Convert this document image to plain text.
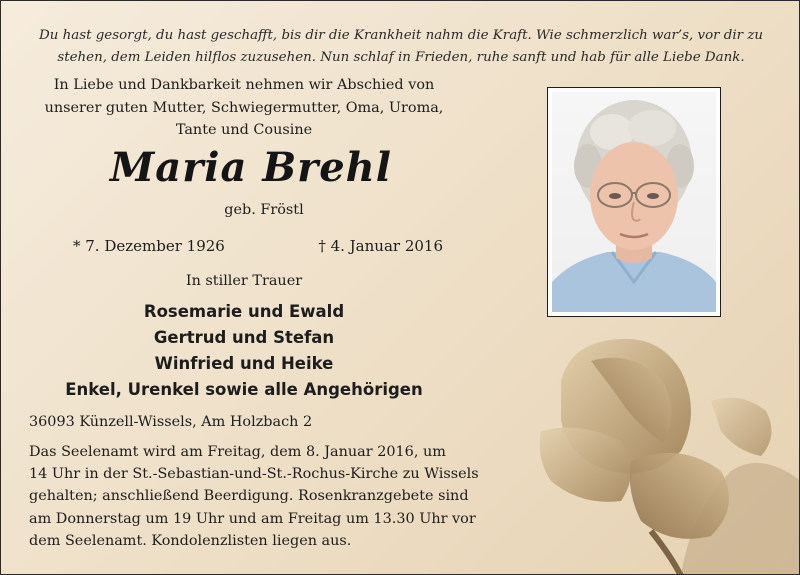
Du hast gesorgt, du hast geschafft, bis dir die Krankheit nahm die Kraft. Wie schmerzlich war’s, vor dir zu
stehen, dem Leiden hilflos zuzusehen. Nun schlaf in Frieden, ruhe sanft und hab für alle Liebe Dank.
In Liebe und Dankbarkeit nehmen wir Abschied von
unserer guten Mutter, Schwiegermutter, Oma, Uroma,
Tante und Cousine
Maria Brehl
geb. Fröstl
* 7. Dezember 1926	† 4. Januar 2016
In stiller Trauer
Rosemarie und Ewald
Gertrud und Stefan
Winfried und Heike
Enkel, Urenkel sowie alle Angehörigen
36093 Künzell-Wissels, Am Holzbach 2
Das Seelenamt wird am Freitag, dem 8. Januar 2016, um
14 Uhr in der St.-Sebastian-und-St.-Rochus-Kirche zu Wissels
gehalten; anschließend Beerdigung. Rosenkranzgebete sind
am Donnerstag um 19 Uhr und am Freitag um 13.30 Uhr vor
dem Seelenamt. Kondolenzlisten liegen aus.
